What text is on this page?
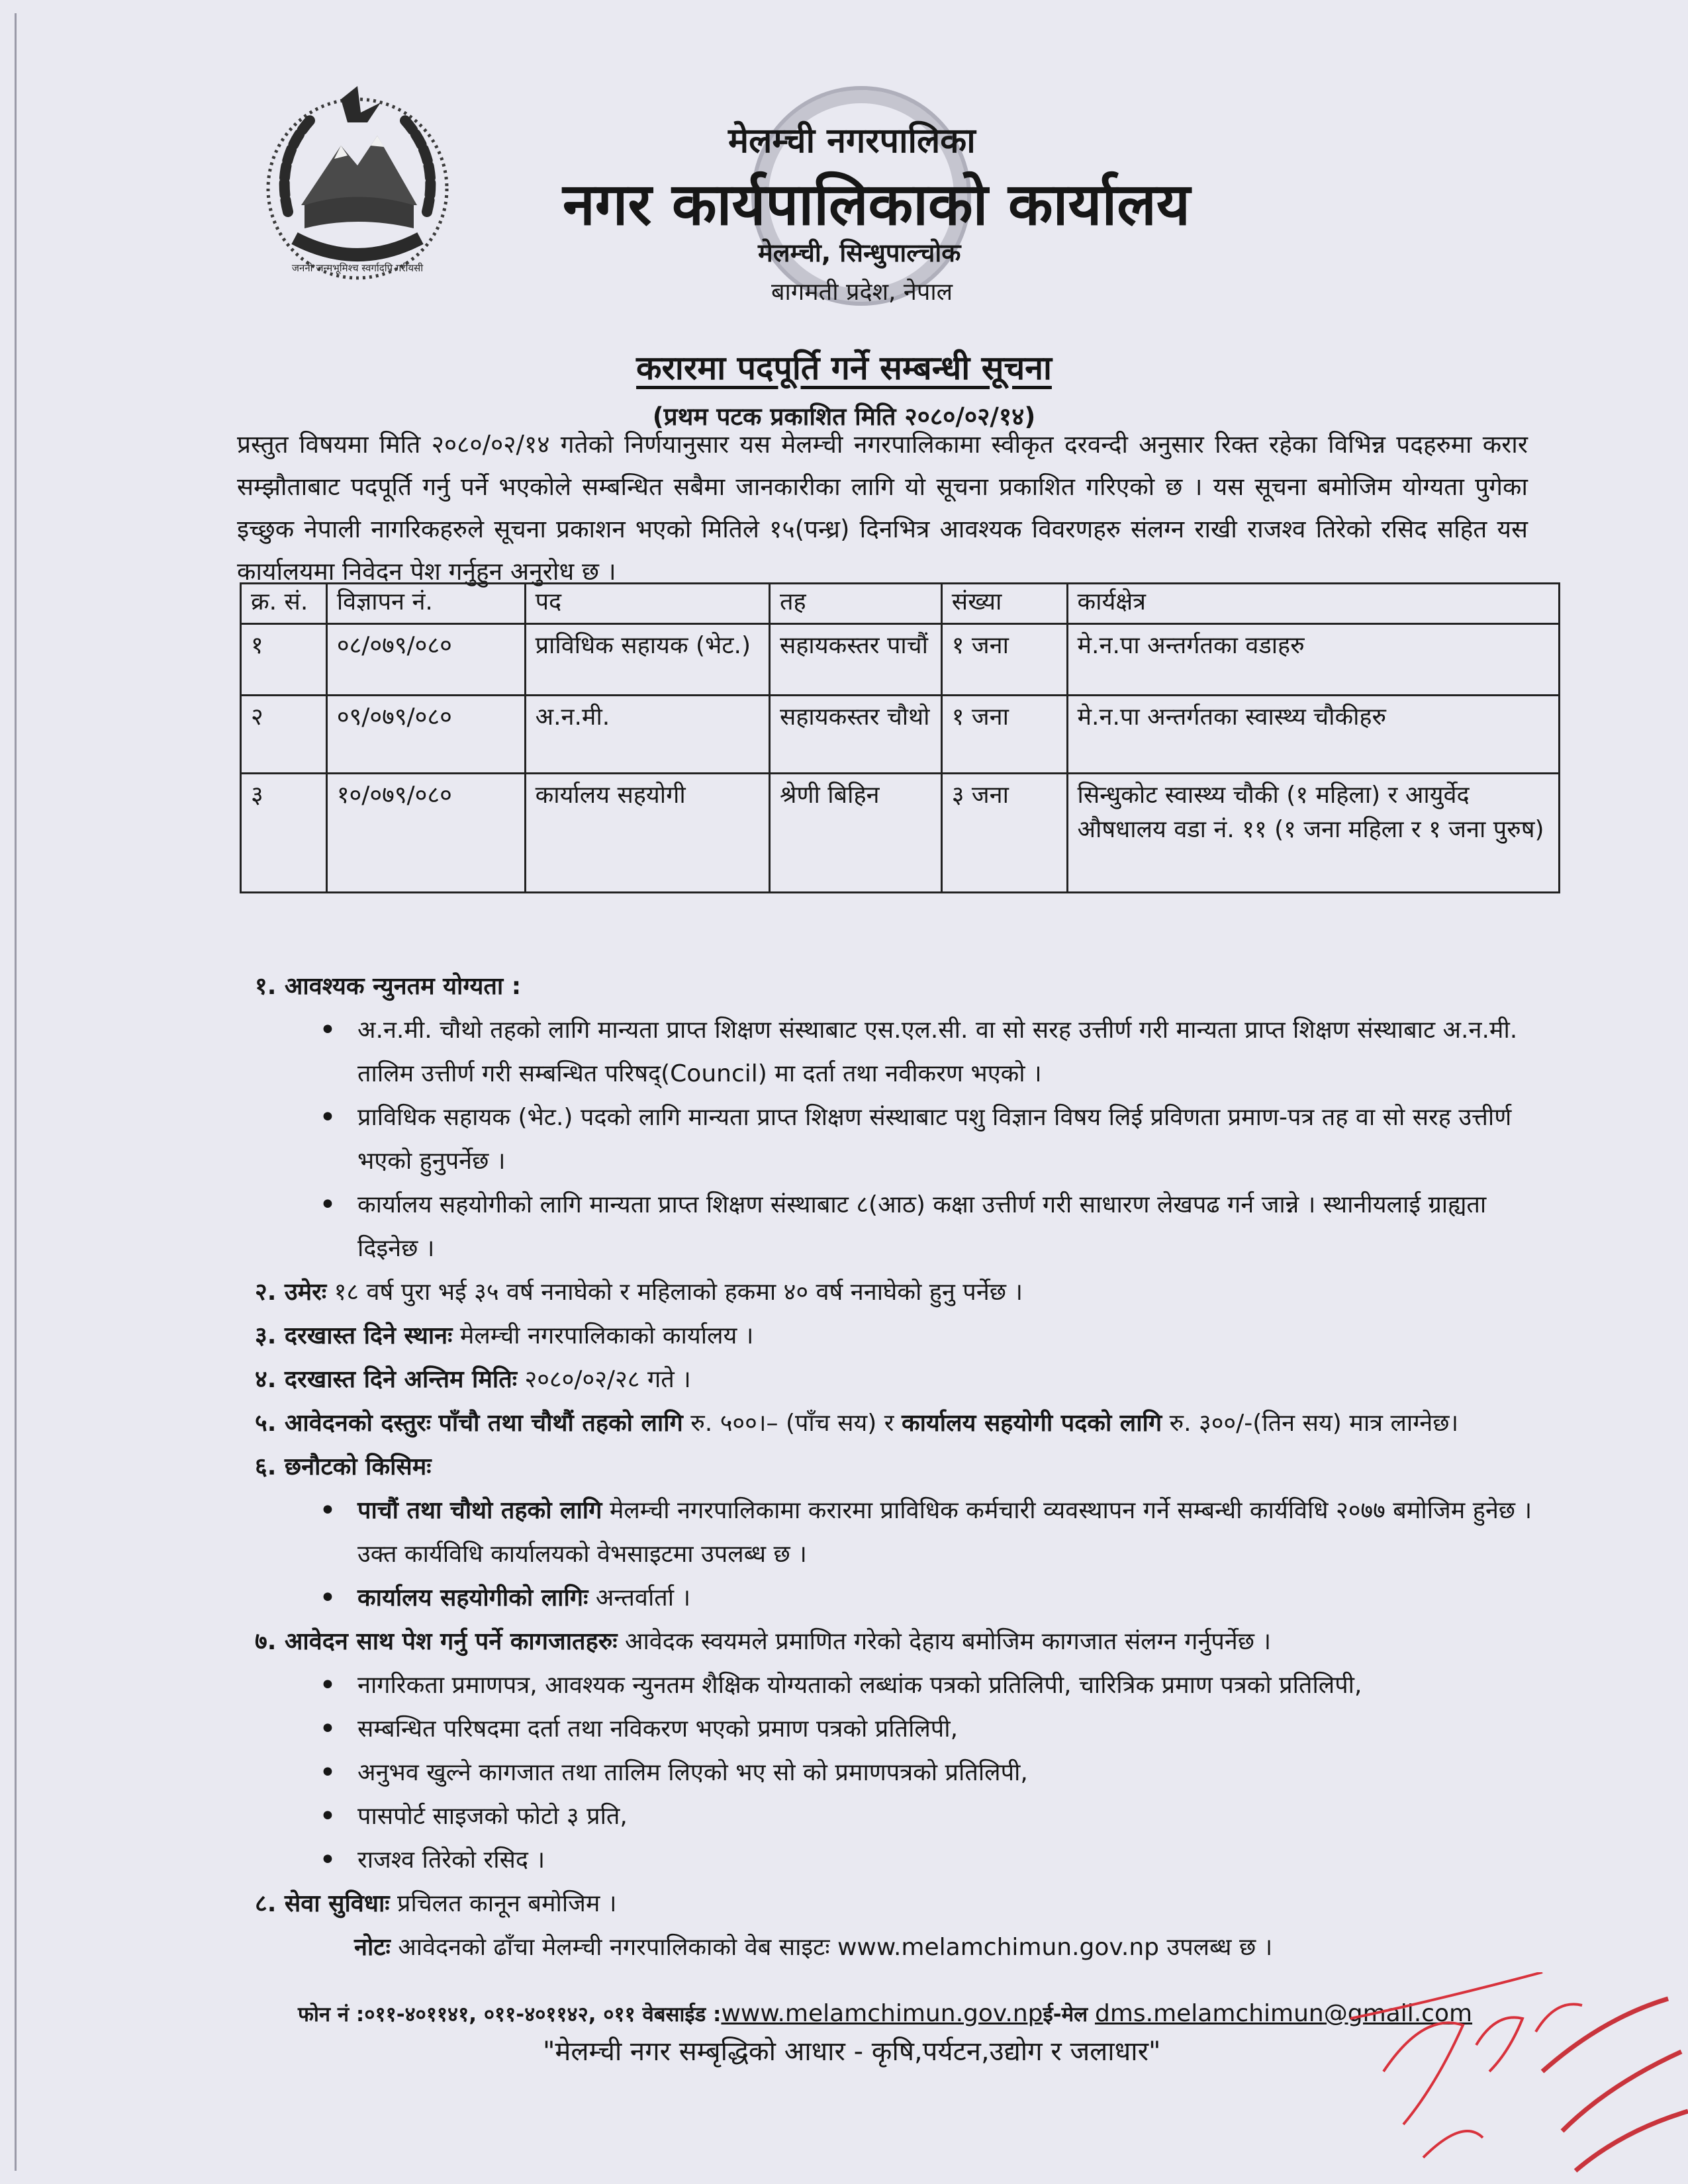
जननी जन्मभूमिश्च स्वर्गादपि गरीयसी
मेलम्ची नगरपालिका
नगर कार्यपालिकाको कार्यालय
मेलम्ची, सिन्धुपाल्चोक
बागमती प्रदेश, नेपाल
करारमा पदपूर्ति गर्ने सम्बन्धी सूचना
(प्रथम पटक प्रकाशित मिति २०८०/०२/१४)
प्रस्तुत विषयमा मिति २०८०/०२/१४ गतेको निर्णयानुसार यस मेलम्ची नगरपालिकामा स्वीकृत दरवन्दी अनुसार रिक्त रहेका विभिन्न पदहरुमा करार सम्झौताबाट पदपूर्ति गर्नु पर्ने भएकोले सम्बन्धित सबैमा जानकारीका लागि यो सूचना प्रकाशित गरिएको छ । यस सूचना बमोजिम योग्यता पुगेका इच्छुक नेपाली नागरिकहरुले सूचना प्रकाशन भएको मितिले १५(पन्ध्र) दिनभित्र आवश्यक विवरणहरु संलग्न राखी राजश्व तिरेको रसिद सहित यस कार्यालयमा निवेदन पेश गर्नुहुन अनुरोध छ ।
क्र. सं.	विज्ञापन नं.	पद	तह	संख्या	कार्यक्षेत्र
१	०८/०७९/०८०	प्राविधिक सहायक (भेट.)	सहायकस्तर पाचौं	१ जना	मे.न.पा अन्तर्गतका वडाहरु
२	०९/०७९/०८०	अ.न.मी.	सहायकस्तर चौथो	१ जना	मे.न.पा अन्तर्गतका स्वास्थ्य चौकीहरु
३	१०/०७९/०८०	कार्यालय सहयोगी	श्रेणी बिहिन	३ जना	सिन्धुकोट स्वास्थ्य चौकी (१ महिला) र आयुर्वेद औषधालय वडा नं. ११ (१ जना महिला र १ जना पुरुष)

१. आवश्यक न्युनतम योग्यता :

• अ.न.मी. चौथो तहको लागि मान्यता प्राप्त शिक्षण संस्थाबाट एस.एल.सी. वा सो सरह उत्तीर्ण गरी मान्यता प्राप्त शिक्षण संस्थाबाट अ.न.मी. तालिम उत्तीर्ण गरी सम्बन्धित परिषद्(Council) मा दर्ता तथा नवीकरण भएको ।
• प्राविधिक सहायक (भेट.) पदको लागि मान्यता प्राप्त शिक्षण संस्थाबाट पशु विज्ञान विषय लिई प्रविणता प्रमाण-पत्र तह वा सो सरह उत्तीर्ण भएको हुनुपर्नेछ ।
• कार्यालय सहयोगीको लागि मान्यता प्राप्त शिक्षण संस्थाबाट ८(आठ) कक्षा उत्तीर्ण गरी साधारण लेखपढ गर्न जान्ने । स्थानीयलाई ग्राह्यता दिइनेछ ।

२. उमेरः १८ वर्ष पुरा भई ३५ वर्ष ननाघेको र महिलाको हकमा ४० वर्ष ननाघेको हुनु पर्नेछ ।

३. दरखास्त दिने स्थानः मेलम्ची नगरपालिकाको कार्यालय ।

४. दरखास्त दिने अन्तिम मितिः २०८०/०२/२८ गते ।

५. आवेदनको दस्तुरः पाँचौ तथा चौथौं तहको लागि रु. ५००।– (पाँच सय) र कार्यालय सहयोगी पदको लागि रु. ३००/-(तिन सय) मात्र लाग्नेछ।

६. छनौटको किसिमः

• पाचौं तथा चौथो तहको लागि मेलम्ची नगरपालिकामा करारमा प्राविधिक कर्मचारी व्यवस्थापन गर्ने सम्बन्धी कार्यविधि २०७७ बमोजिम हुनेछ । उक्त कार्यविधि कार्यालयको वेभसाइटमा उपलब्ध छ ।
• कार्यालय सहयोगीको लागिः अन्तर्वार्ता ।

७. आवेदन साथ पेश गर्नु पर्ने कागजातहरुः आवेदक स्वयमले प्रमाणित गरेको देहाय बमोजिम कागजात संलग्न गर्नुपर्नेछ ।

• नागरिकता प्रमाणपत्र, आवश्यक न्युनतम शैक्षिक योग्यताको लब्धांक पत्रको प्रतिलिपी, चारित्रिक प्रमाण पत्रको प्रतिलिपी,
• सम्बन्धित परिषदमा दर्ता तथा नविकरण भएको प्रमाण पत्रको प्रतिलिपी,
• अनुभव खुल्ने कागजात तथा तालिम लिएको भए सो को प्रमाणपत्रको प्रतिलिपी,
• पासपोर्ट साइजको फोटो ३ प्रति,
• राजश्व तिरेको रसिद ।

८. सेवा सुविधाः प्रचिलत कानून बमोजिम ।

नोटः आवेदनको ढाँचा मेलम्ची नगरपालिकाको वेब साइटः www.melamchimun.gov.np उपलब्ध छ ।

फोन नं :०११-४०११४१, ०११-४०११४२, ०११ वेबसाईड :www.melamchimun.gov.npई-मेल dms.melamchimun@gmail.com
"मेलम्ची नगर सम्बृद्धिको आधार - कृषि,पर्यटन,उद्योग र जलाधार"
